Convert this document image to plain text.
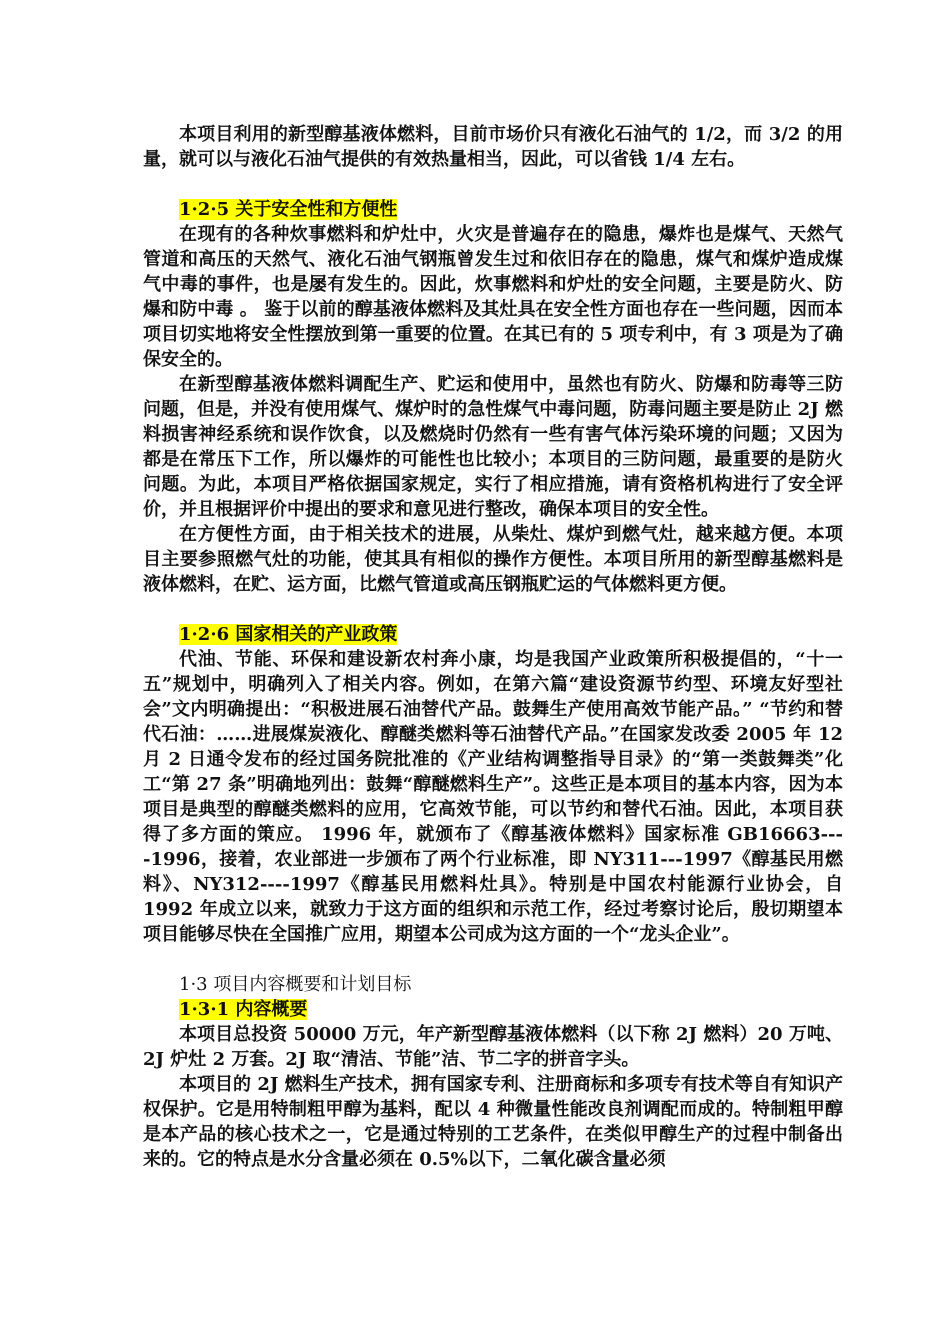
本项目利用的新型醇基液体燃料，目前市场价只有液化石油气的 1/2，而 3/2 的用量，就可以与液化石油气提供的有效热量相当，因此，可以省钱 1/4 左右。

1·2·5 关于安全性和方便性

在现有的各种炊事燃料和炉灶中，火灾是普遍存在的隐患，爆炸也是煤气、天然气管道和高压的天然气、液化石油气钢瓶曾发生过和依旧存在的隐患，煤气和煤炉造成煤气中毒的事件，也是屡有发生的。因此，炊事燃料和炉灶的安全问题，主要是防火、防爆和防中毒 。 鉴于以前的醇基液体燃料及其灶具在安全性方面也存在一些问题，因而本项目切实地将安全性摆放到第一重要的位置。在其已有的 5 项专利中，有 3 项是为了确保安全的。

在新型醇基液体燃料调配生产、贮运和使用中，虽然也有防火、防爆和防毒等三防问题，但是，并没有使用煤气、煤炉时的急性煤气中毒问题，防毒问题主要是防止 2J 燃料损害神经系统和误作饮食，以及燃烧时仍然有一些有害气体污染环境的问题；又因为都是在常压下工作，所以爆炸的可能性也比较小；本项目的三防问题，最重要的是防火问题。为此，本项目严格依据国家规定，实行了相应措施，请有资格机构进行了安全评价，并且根据评价中提出的要求和意见进行整改，确保本项目的安全性。

在方便性方面，由于相关技术的进展，从柴灶、煤炉到燃气灶，越来越方便。本项目主要参照燃气灶的功能，使其具有相似的操作方便性。本项目所用的新型醇基燃料是液体燃料，在贮、运方面，比燃气管道或高压钢瓶贮运的气体燃料更方便。

1·2·6 国家相关的产业政策

代油、节能、环保和建设新农村奔小康，均是我国产业政策所积极提倡的，“十一五”规划中，明确列入了相关内容。例如，在第六篇“建设资源节约型、环境友好型社会”文内明确提出：“积极进展石油替代产品。鼓舞生产使用高效节能产品。” “节约和替代石油：……进展煤炭液化、醇醚类燃料等石油替代产品。”在国家发改委 2005 年 12 月 2 日通令发布的经过国务院批准的《产业结构调整指导目录》的“第一类鼓舞类”化工“第 27 条”明确地列出：鼓舞“醇醚燃料生产”。这些正是本项目的基本内容，因为本项目是典型的醇醚类燃料的应用，它高效节能，可以节约和替代石油。因此，本项目获得了多方面的策应。 1996 年，就颁布了《醇基液体燃料》国家标准 GB16663----1996，接着，农业部进一步颁布了两个行业标准，即 NY311---1997《醇基民用燃料》、NY312----1997《醇基民用燃料灶具》。特别是中国农村能源行业协会，自 1992 年成立以来，就致力于这方面的组织和示范工作，经过考察讨论后，殷切期望本项目能够尽快在全国推广应用，期望本公司成为这方面的一个“龙头企业”。

1·3 项目内容概要和计划目标
1·3·1 内容概要

本项目总投资 50000 万元，年产新型醇基液体燃料（以下称 2J 燃料）20 万吨、2J 炉灶 2 万套。2J 取“清洁、节能”洁、节二字的拼音字头。

本项目的 2J 燃料生产技术，拥有国家专利、注册商标和多项专有技术等自有知识产权保护。它是用特制粗甲醇为基料，配以 4 种微量性能改良剂调配而成的。特制粗甲醇是本产品的核心技术之一，它是通过特别的工艺条件，在类似甲醇生产的过程中制备出来的。它的特点是水分含量必须在 0.5%以下，二氧化碳含量必须
